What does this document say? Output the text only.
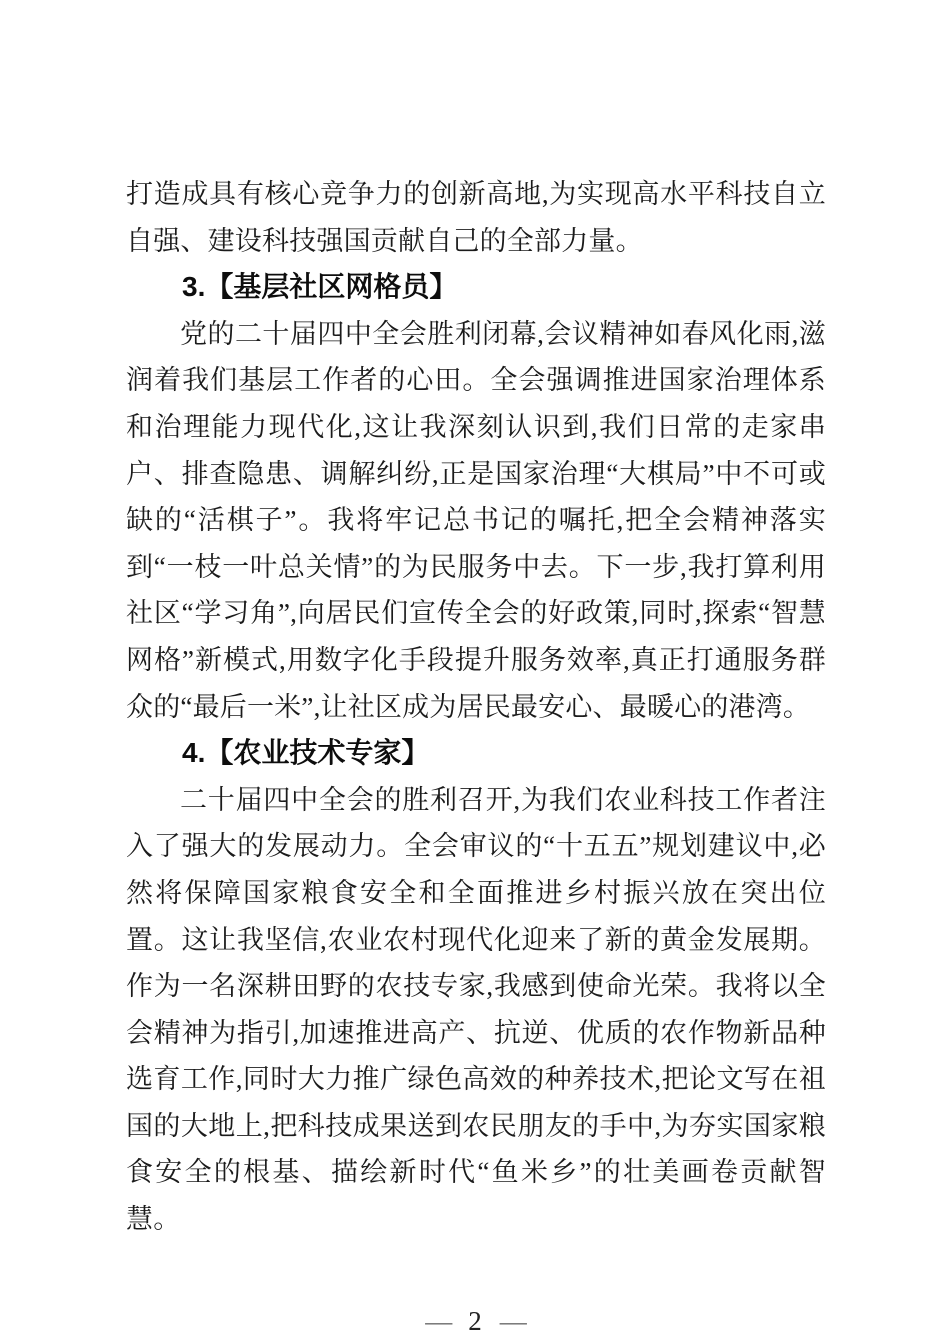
打造成具有核心竞争力的创新高地,为实现高水平科技自立自强、建设科技强国贡献自己的全部力量。

3.【基层社区网格员】

党的二十届四中全会胜利闭幕,会议精神如春风化雨,滋润着我们基层工作者的心田。全会强调推进国家治理体系和治理能力现代化,这让我深刻认识到,我们日常的走家串户、排查隐患、调解纠纷,正是国家治理“大棋局”中不可或缺的“活棋子”。我将牢记总书记的嘱托,把全会精神落实到“一枝一叶总关情”的为民服务中去。下一步,我打算利用社区“学习角”,向居民们宣传全会的好政策,同时,探索“智慧网格”新模式,用数字化手段提升服务效率,真正打通服务群众的“最后一米”,让社区成为居民最安心、最暖心的港湾。

4.【农业技术专家】

二十届四中全会的胜利召开,为我们农业科技工作者注入了强大的发展动力。全会审议的“十五五”规划建议中,必然将保障国家粮食安全和全面推进乡村振兴放在突出位置。这让我坚信,农业农村现代化迎来了新的黄金发展期。作为一名深耕田野的农技专家,我感到使命光荣。我将以全会精神为指引,加速推进高产、抗逆、优质的农作物新品种选育工作,同时大力推广绿色高效的种养技术,把论文写在祖国的大地上,把科技成果送到农民朋友的手中,为夯实国家粮食安全的根基、描绘新时代“鱼米乡”的壮美画卷贡献智慧。

— 2 —
